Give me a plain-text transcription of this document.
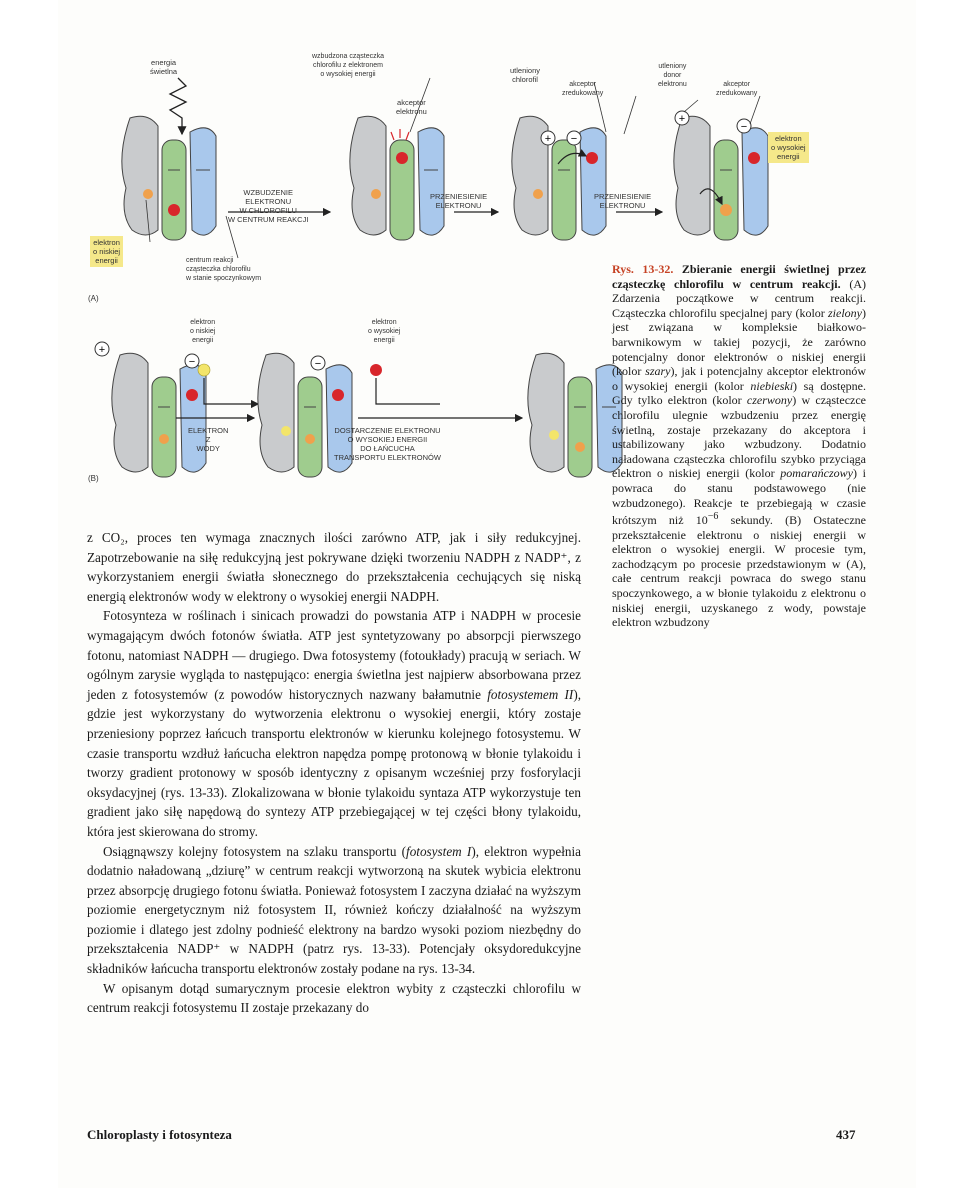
+ −
+
−
+
−	−
energia
świetlna
wzbudzona cząsteczka
chlorofilu z elektronem
o wysokiej energii
akceptor
elektronu
utleniony
chlorofil
akceptor
zredukowany
utleniony
donor
elektronu	akceptor
zredukowany
elektron
o wysokiej
energii
elektron
o niskiej
energii	centrum reakcji
cząsteczka chlorofilu
w stanie spoczynkowym
WZBUDZENIE
ELEKTRONU
W CHLOROFILU
W CENTRUM REAKCJI
PRZENIESIENIE
ELEKTRONU
PRZENIESIENIE
ELEKTRONU
(A)
elektron
o niskiej
energii
elektron
o wysokiej
energii
ELEKTRON
Z
WODY
DOSTARCZENIE ELEKTRONU
O WYSOKIEJ ENERGII
DO ŁAŃCUCHA
TRANSPORTU ELEKTRONÓW
(B)
Rys. 13-32. Zbieranie energii świetlnej przez cząsteczkę chlorofilu w centrum reakcji. (A) Zdarzenia początkowe w centrum reakcji. Cząsteczka chlorofilu specjalnej pary (kolor zielony) jest związana w kompleksie białkowo-barwnikowym w takiej pozycji, że zarówno potencjalny donor elektronów o niskiej energii (kolor szary), jak i potencjalny akceptor elektronów o wysokiej energii (kolor niebieski) są dostępne. Gdy tylko elektron (kolor czerwony) w cząsteczce chlorofilu ulegnie wzbudzeniu przez energię świetlną, zostaje przekazany do akceptora i ustabilizowany jako wzbudzony. Dodatnio naładowana cząsteczka chlorofilu szybko przyciąga elektron o niskiej energii (kolor pomarańczowy) i powraca do stanu podstawowego (nie wzbudzonego). Reakcje te przebiegają w czasie krótszym niż $10^{-6}$ sekundy. (B) Ostateczne przekształcenie elektronu o niskiej energii w elektron o wysokiej energii. W procesie tym, zachodzącym po procesie przedstawionym w (A), całe centrum reakcji powraca do swego stanu spoczynkowego, a w błonie tylakoidu z elektronu o niskiej energii, uzyskanego z wody, powstaje elektron wzbudzony

z CO₂, proces ten wymaga znacznych ilości zarówno ATP, jak i siły redukcyjnej. Zapotrzebowanie na siłę redukcyjną jest pokrywane dzięki tworzeniu NADPH z NADP⁺, z wykorzystaniem energii światła słonecznego do przekształcenia cechujących się niską energią elektronów wody w elektrony o wysokiej energii NADPH.

Fotosynteza w roślinach i sinicach prowadzi do powstania ATP i NADPH w procesie wymagającym dwóch fotonów światła. ATP jest syntetyzowany po absorpcji pierwszego fotonu, natomiast NADPH — drugiego. Dwa fotosystemy (fotoukłady) pracują w seriach. W ogólnym zarysie wygląda to następująco: energia świetlna jest najpierw absorbowana przez jeden z fotosystemów (z powodów historycznych nazwany bałamutnie fotosystemem II), gdzie jest wykorzystany do wytworzenia elektronu o wysokiej energii, który zostaje przeniesiony poprzez łańcuch transportu elektronów w kierunku kolejnego fotosystemu. W czasie transportu wzdłuż łańcucha elektron napędza pompę protonową w błonie tylakoidu i tworzy gradient protonowy w sposób identyczny z opisanym wcześniej przy fosforylacji oksydacyjnej (rys. 13-33). Zlokalizowana w błonie tylakoidu syntaza ATP wykorzystuje ten gradient jako siłę napędową do syntezy ATP przebiegającej w tej części błony tylakoidu, która jest skierowana do stromy.

Osiągnąwszy kolejny fotosystem na szlaku transportu (fotosystem I), elektron wypełnia dodatnio naładowaną „dziurę” w centrum reakcji wytworzoną na skutek wybicia elektronu przez absorpcję drugiego fotonu światła. Ponieważ fotosystem I zaczyna działać na wyższym poziomie energetycznym niż fotosystem II, również kończy działalność na wyższym poziomie i dlatego jest zdolny podnieść elektrony na bardzo wysoki poziom niezbędny do przekształcenia NADP⁺ w NADPH (patrz rys. 13-33). Potencjały oksydoredukcyjne składników łańcucha transportu elektronów zostały podane na rys. 13-34.

W opisanym dotąd sumarycznym procesie elektron wybity z cząsteczki chlorofilu w centrum reakcji fotosystemu II zostaje przekazany do

Chloroplasty i fotosynteza	437
